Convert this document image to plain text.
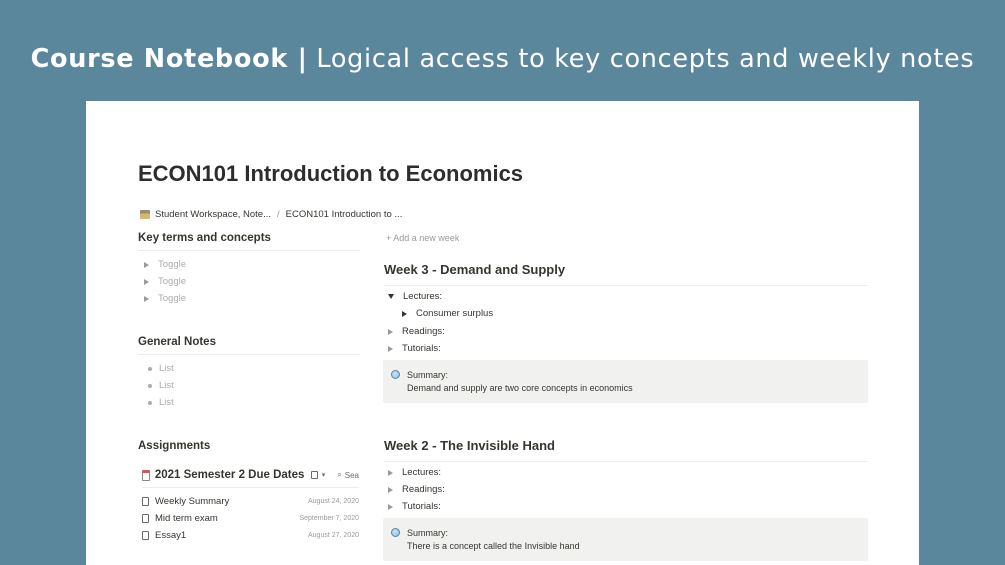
Course Notebook | Logical access to key concepts and weekly notes
ECON101 Introduction to Economics
Student Workspace, Note... / ECON101 Introduction to ...
Key terms and concepts
Toggle
Toggle
Toggle
General Notes
List
List
List
Assignments
2021 Semester 2 Due Dates ▾ ⌕ Sea
Weekly Summary	August 24, 2020
Mid term exam	September 7, 2020
Essay1	August 27, 2020
+ Add a new week
Week 3 - Demand and Supply
Lectures:
Consumer surplus
Readings:
Tutorials:
Summary:
Demand and supply are two core concepts in economics
Week 2 - The Invisible Hand
Lectures:
Readings:
Tutorials:
Summary:
There is a concept called the Invisible hand
